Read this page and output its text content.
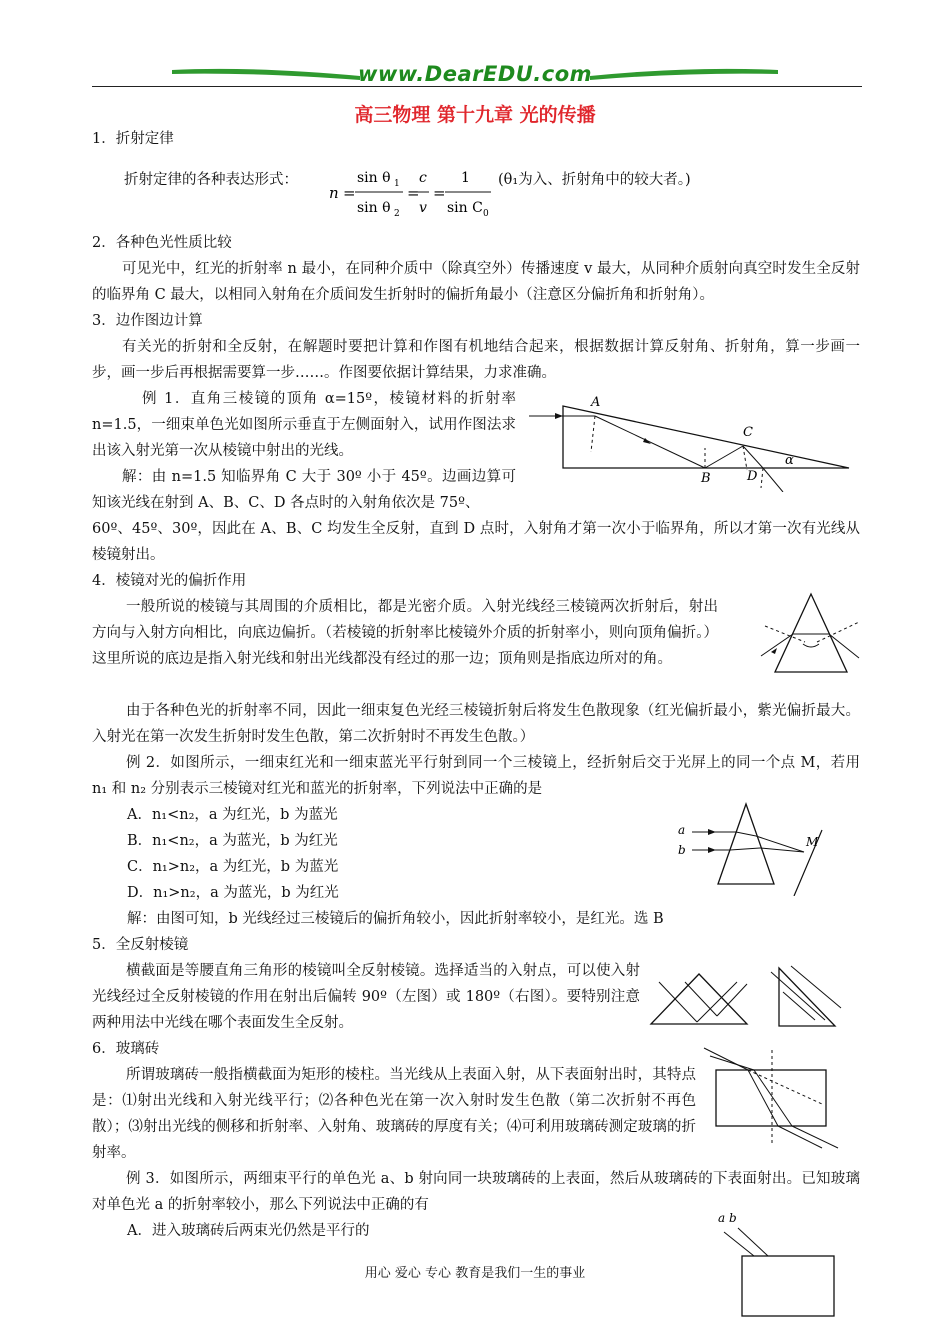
www.DearEDU.com
高三物理 第十九章 光的传播

1．折射定律

折射定律的各种表达形式：

n =
sin θ 1
sin θ 2
=
c
v
=
1
sin C 0

(θ₁为入、折射角中的较大者。)

2．各种色光性质比较

可见光中，红光的折射率 n 最小，在同种介质中（除真空外）传播速度 v 最大，从同种介质射向真空时发生全反射的临界角 C 最大，以相同入射角在介质间发生折射时的偏折角最小（注意区分偏折角和折射角）。

3．边作图边计算

有关光的折射和全反射，在解题时要把计算和作图有机地结合起来，根据数据计算反射角、折射角，算一步画一步，画一步后再根据需要算一步……。作图要依据计算结果，力求准确。

例 1．直角三棱镜的顶角 α=15º，棱镜材料的折射率 n=1.5，一细束单色光如图所示垂直于左侧面射入，试用作图法求出该入射光第一次从棱镜中射出的光线。

解：由 n=1.5 知临界角 C 大于 30º 小于 45º。边画边算可知该光线在射到 A、B、C、D 各点时的入射角依次是 75º、

60º、45º、30º，因此在 A、B、C 均发生全反射，直到 D 点时，入射角才第一次小于临界角，所以才第一次有光线从棱镜射出。

A
B
C
D
α

4．棱镜对光的偏折作用

一般所说的棱镜与其周围的介质相比，都是光密介质。入射光线经三棱镜两次折射后，射出方向与入射方向相比，向底边偏折。（若棱镜的折射率比棱镜外介质的折射率小，则向顶角偏折。）这里所说的底边是指入射光线和射出光线都没有经过的那一边；顶角则是指底边所对的角。

由于各种色光的折射率不同，因此一细束复色光经三棱镜折射后将发生色散现象（红光偏折最小，紫光偏折最大。入射光在第一次发生折射时发生色散，第二次折射时不再发生色散。）

例 2．如图所示，一细束红光和一细束蓝光平行射到同一个三棱镜上，经折射后交于光屏上的同一个点 M，若用 n₁ 和 n₂ 分别表示三棱镜对红光和蓝光的折射率，下列说法中正确的是

A．n₁<n₂，a 为红光，b 为蓝光
B．n₁<n₂，a 为蓝光，b 为红光
C．n₁>n₂，a 为红光，b 为蓝光
D．n₁>n₂，a 为蓝光，b 为红光

解：由图可知，b 光线经过三棱镜后的偏折角较小，因此折射率较小，是红光。选 B

a
b
M

5．全反射棱镜

横截面是等腰直角三角形的棱镜叫全反射棱镜。选择适当的入射点，可以使入射光线经过全反射棱镜的作用在射出后偏转 90º（左图）或 180º（右图）。要特别注意两种用法中光线在哪个表面发生全反射。

6．玻璃砖

所谓玻璃砖一般指横截面为矩形的棱柱。当光线从上表面入射，从下表面射出时，其特点是：⑴射出光线和入射光线平行；⑵各种色光在第一次入射时发生色散（第二次折射不再色散）；⑶射出光线的侧移和折射率、入射角、玻璃砖的厚度有关；⑷可利用玻璃砖测定玻璃的折射率。

例 3．如图所示，两细束平行的单色光 a、b 射向同一块玻璃砖的上表面，然后从玻璃砖的下表面射出。已知玻璃对单色光 a 的折射率较小，那么下列说法中正确的有

A．进入玻璃砖后两束光仍然是平行的
a b
用心 爱心 专心 教育是我们一生的事业
